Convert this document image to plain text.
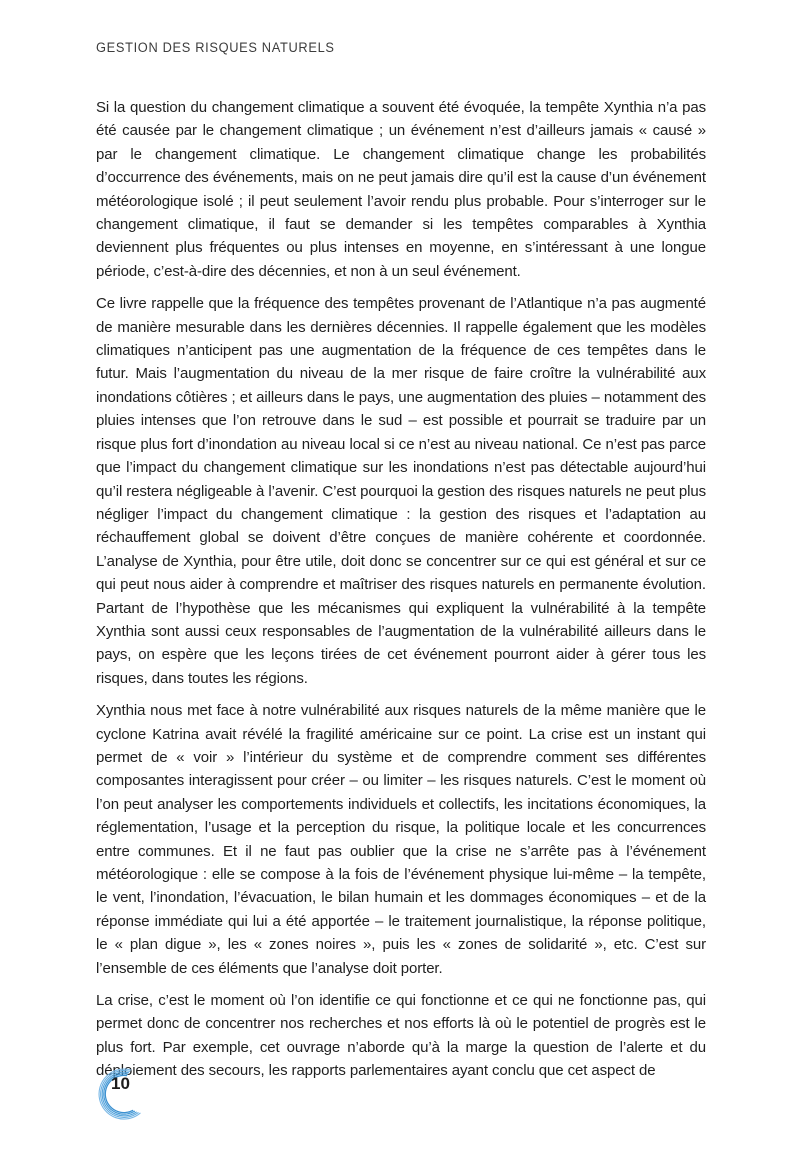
GESTION DES RISQUES NATURELS

Si la question du changement climatique a souvent été évoquée, la tempête Xynthia n’a pas été causée par le changement climatique ; un événement n’est d’ailleurs jamais « causé » par le changement climatique. Le changement climatique change les probabilités d’occurrence des événements, mais on ne peut jamais dire qu’il est la cause d’un événement météorologique isolé ; il peut seulement l’avoir rendu plus probable. Pour s’interroger sur le changement climatique, il faut se demander si les tempêtes comparables à Xynthia deviennent plus fréquentes ou plus intenses en moyenne, en s’intéressant à une longue période, c’est-à-dire des décennies, et non à un seul événement.

Ce livre rappelle que la fréquence des tempêtes provenant de l’Atlantique n’a pas augmenté de manière mesurable dans les dernières décennies. Il rappelle également que les modèles climatiques n’anticipent pas une augmentation de la fréquence de ces tempêtes dans le futur. Mais l’augmentation du niveau de la mer risque de faire croître la vulnérabilité aux inondations côtières ; et ailleurs dans le pays, une augmentation des pluies – notamment des pluies intenses que l’on retrouve dans le sud – est possible et pourrait se traduire par un risque plus fort d’inondation au niveau local si ce n’est au niveau national. Ce n’est pas parce que l’impact du changement climatique sur les inondations n’est pas détectable aujourd’hui qu’il restera négligeable à l’avenir. C’est pourquoi la gestion des risques naturels ne peut plus négliger l’impact du changement climatique : la gestion des risques et l’adaptation au réchauffement global se doivent d’être conçues de manière cohérente et coordonnée. L’analyse de Xynthia, pour être utile, doit donc se concentrer sur ce qui est général et sur ce qui peut nous aider à comprendre et maîtriser des risques naturels en permanente évolution. Partant de l’hypothèse que les mécanismes qui expliquent la vulnérabilité à la tempête Xynthia sont aussi ceux responsables de l’augmentation de la vulnérabilité ailleurs dans le pays, on espère que les leçons tirées de cet événement pourront aider à gérer tous les risques, dans toutes les régions.

Xynthia nous met face à notre vulnérabilité aux risques naturels de la même manière que le cyclone Katrina avait révélé la fragilité américaine sur ce point. La crise est un instant qui permet de « voir » l’intérieur du système et de comprendre comment ses différentes composantes interagissent pour créer – ou limiter – les risques naturels. C’est le moment où l’on peut analyser les comportements individuels et collectifs, les incitations économiques, la réglementation, l’usage et la perception du risque, la politique locale et les concurrences entre communes. Et il ne faut pas oublier que la crise ne s’arrête pas à l’événement météorologique : elle se compose à la fois de l’événement physique lui-même – la tempête, le vent, l’inondation, l’évacuation, le bilan humain et les dommages économiques – et de la réponse immédiate qui lui a été apportée – le traitement journalistique, la réponse politique, le « plan digue », les « zones noires », puis les « zones de solidarité », etc. C’est sur l’ensemble de ces éléments que l’analyse doit porter.

La crise, c’est le moment où l’on identifie ce qui fonctionne et ce qui ne fonctionne pas, qui permet donc de concentrer nos recherches et nos efforts là où le potentiel de progrès est le plus fort. Par exemple, cet ouvrage n’aborde qu’à la marge la question de l’alerte et du déploiement des secours, les rapports parlementaires ayant conclu que cet aspect de

10
